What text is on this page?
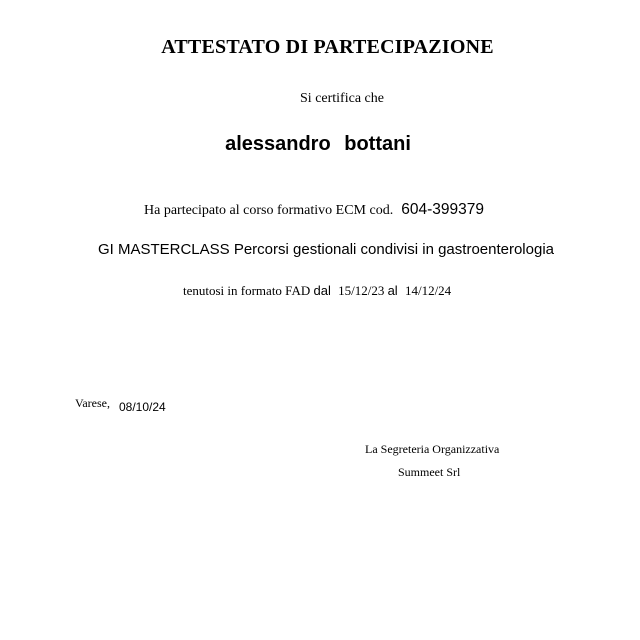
ATTESTATO DI PARTECIPAZIONE
Si certifica che
alessandro bottani
Ha partecipato al corso formativo ECM cod. 604-399379
GI MASTERCLASS Percorsi gestionali condivisi in gastroenterologia
tenutosi in formato FAD dal 15/12/23 al 14/12/24
Varese, 08/10/24
La Segreteria Organizzativa
Summeet Srl
